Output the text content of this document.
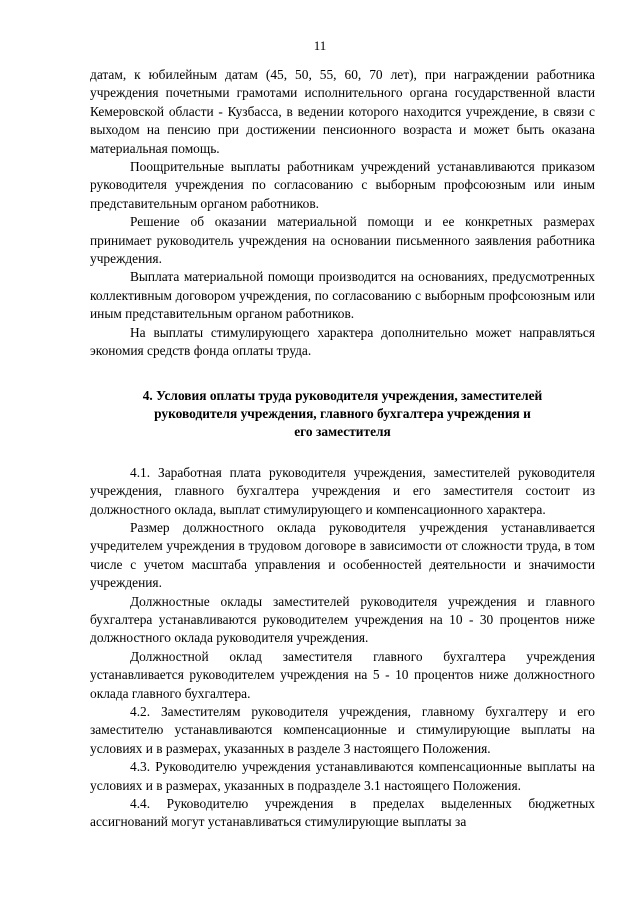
11

датам, к юбилейным датам (45, 50, 55, 60, 70 лет), при награждении работника учреждения почетными грамотами исполнительного органа государственной власти Кемеровской области - Кузбасса, в ведении которого находится учреждение, в связи с выходом на пенсию при достижении пенсионного возраста и может быть оказана материальная помощь.

Поощрительные выплаты работникам учреждений устанавливаются приказом руководителя учреждения по согласованию с выборным профсоюзным или иным представительным органом работников.

Решение об оказании материальной помощи и ее конкретных размерах принимает руководитель учреждения на основании письменного заявления работника учреждения.

Выплата материальной помощи производится на основаниях, предусмотренных коллективным договором учреждения, по согласованию с выборным профсоюзным или иным представительным органом работников.

На выплаты стимулирующего характера дополнительно может направляться экономия средств фонда оплаты труда.

4. Условия оплаты труда руководителя учреждения, заместителей
руководителя учреждения, главного бухгалтера учреждения и
его заместителя

4.1. Заработная плата руководителя учреждения, заместителей руководителя учреждения, главного бухгалтера учреждения и его заместителя состоит из должностного оклада, выплат стимулирующего и компенсационного характера.

Размер должностного оклада руководителя учреждения устанавливается учредителем учреждения в трудовом договоре в зависимости от сложности труда, в том числе с учетом масштаба управления и особенностей деятельности и значимости учреждения.

Должностные оклады заместителей руководителя учреждения и главного бухгалтера устанавливаются руководителем учреждения на 10 - 30 процентов ниже должностного оклада руководителя учреждения.

Должностной оклад заместителя главного бухгалтера учреждения устанавливается руководителем учреждения на 5 - 10 процентов ниже должностного оклада главного бухгалтера.

4.2. Заместителям руководителя учреждения, главному бухгалтеру и его заместителю устанавливаются компенсационные и стимулирующие выплаты на условиях и в размерах, указанных в разделе 3 настоящего Положения.

4.3. Руководителю учреждения устанавливаются компенсационные выплаты на условиях и в размерах, указанных в подразделе 3.1 настоящего Положения.

4.4. Руководителю учреждения в пределах выделенных бюджетных ассигнований могут устанавливаться стимулирующие выплаты за
